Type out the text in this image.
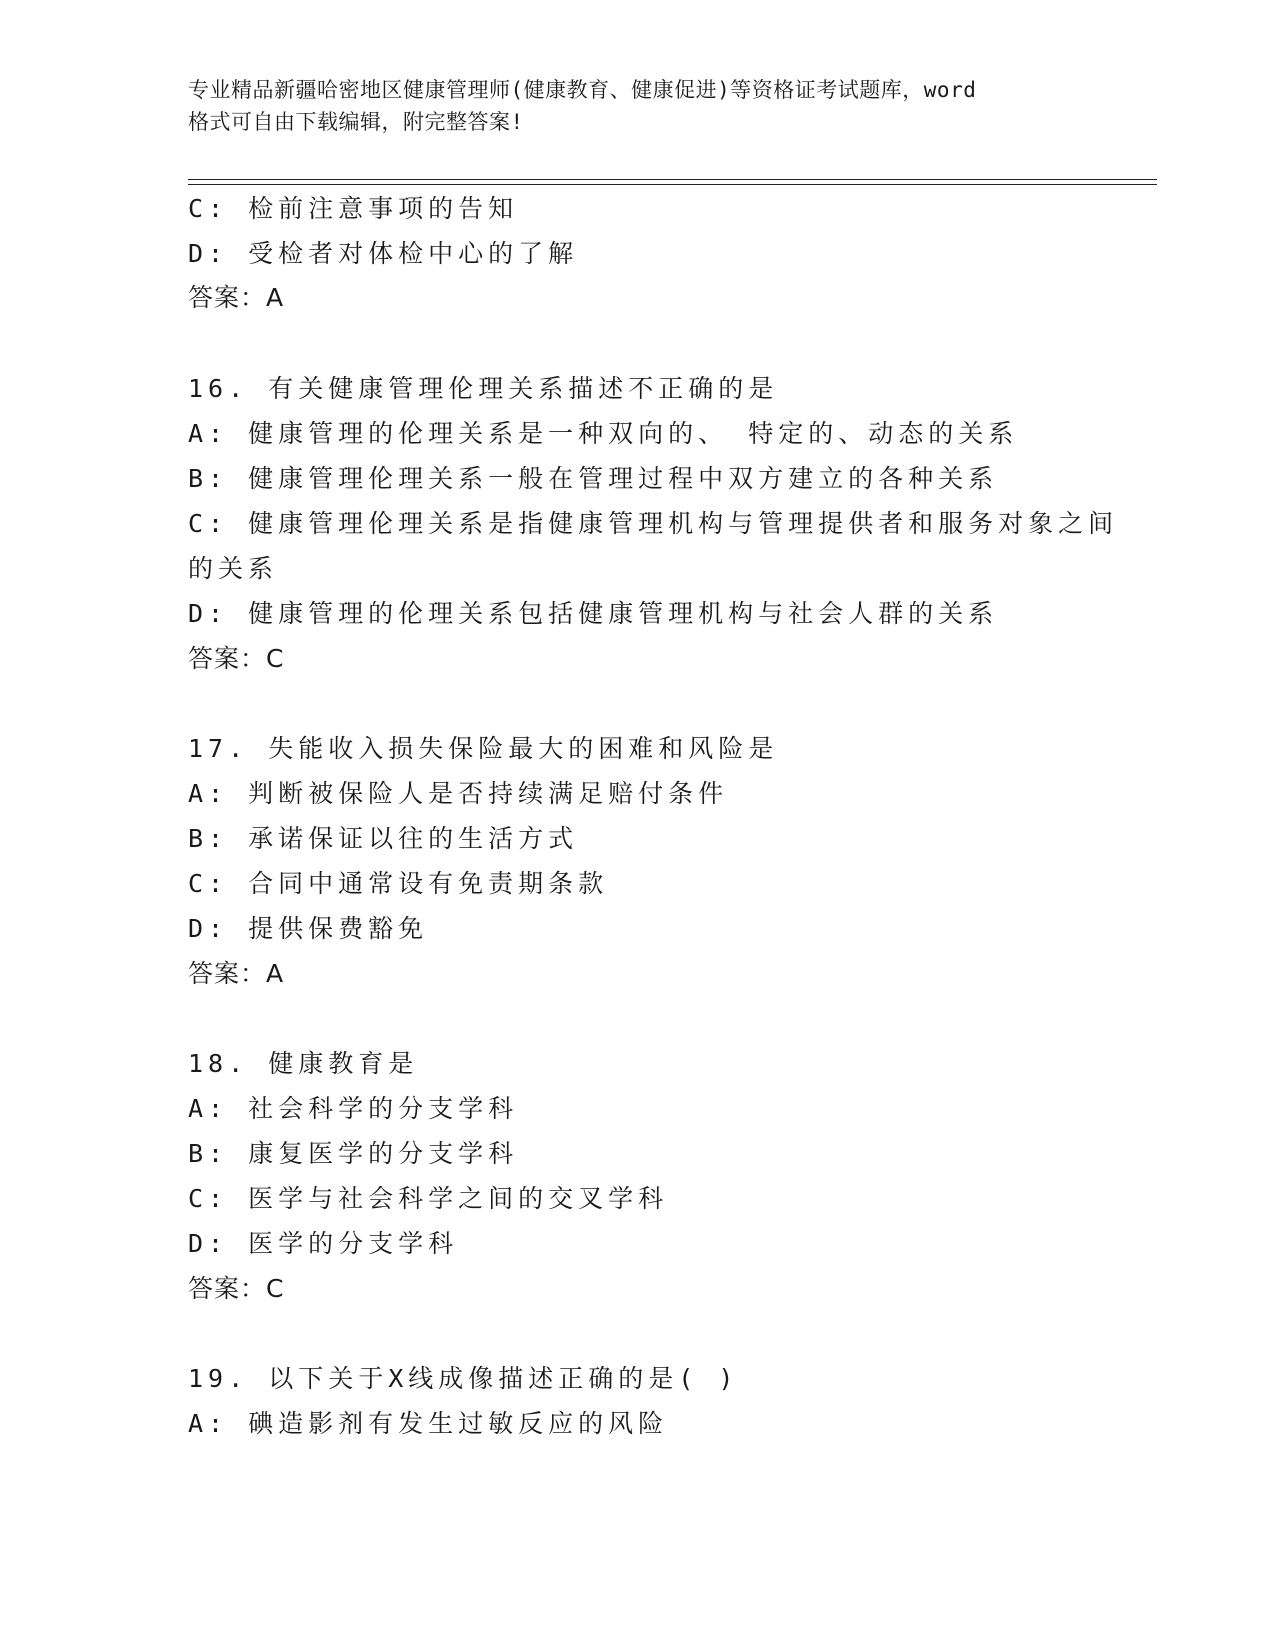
专业精品新疆哈密地区健康管理师(健康教育、健康促进)等资格证考试题库，word
格式可自由下载编辑，附完整答案!
C: 检前注意事项的告知
D: 受检者对体检中心的了解
答案：A
16. 有关健康管理伦理关系描述不正确的是
A: 健康管理的伦理关系是一种双向的、 特定的、动态的关系
B: 健康管理伦理关系一般在管理过程中双方建立的各种关系
C: 健康管理伦理关系是指健康管理机构与管理提供者和服务对象之间
的关系
D: 健康管理的伦理关系包括健康管理机构与社会人群的关系
答案：C
17. 失能收入损失保险最大的困难和风险是
A: 判断被保险人是否持续满足赔付条件
B: 承诺保证以往的生活方式
C: 合同中通常设有免责期条款
D: 提供保费豁免
答案：A
18. 健康教育是
A: 社会科学的分支学科
B: 康复医学的分支学科
C: 医学与社会科学之间的交叉学科
D: 医学的分支学科
答案：C
19. 以下关于X线成像描述正确的是( )
A: 碘造影剂有发生过敏反应的风险
